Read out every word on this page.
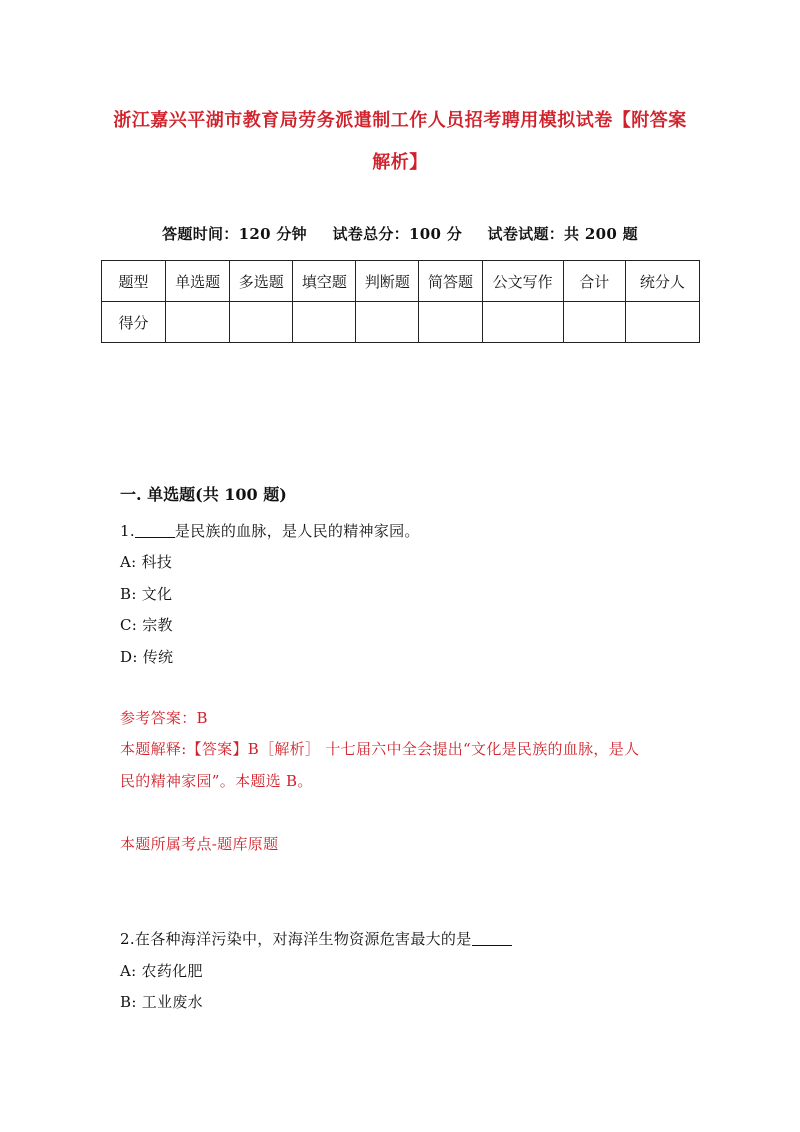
浙江嘉兴平湖市教育局劳务派遣制工作人员招考聘用模拟试卷【附答案解析】
答题时间：120 分钟 试卷总分：100 分 试卷试题：共 200 题
题型	单选题	多选题	填空题	判断题	简答题	公文写作	合计	统分人
得分								
一. 单选题(共 100 题)
1.	是民族的血脉，是人民的精神家园。
A: 科技
B: 文化
C: 宗教
D: 传统
参考答案：B
本题解释:【答案】B［解析］ 十七届六中全会提出“文化是民族的血脉，是人
民的精神家园”。本题选 B。
本题所属考点-题库原题
2.在各种海洋污染中，对海洋生物资源危害最大的是
A: 农药化肥
B: 工业废水
